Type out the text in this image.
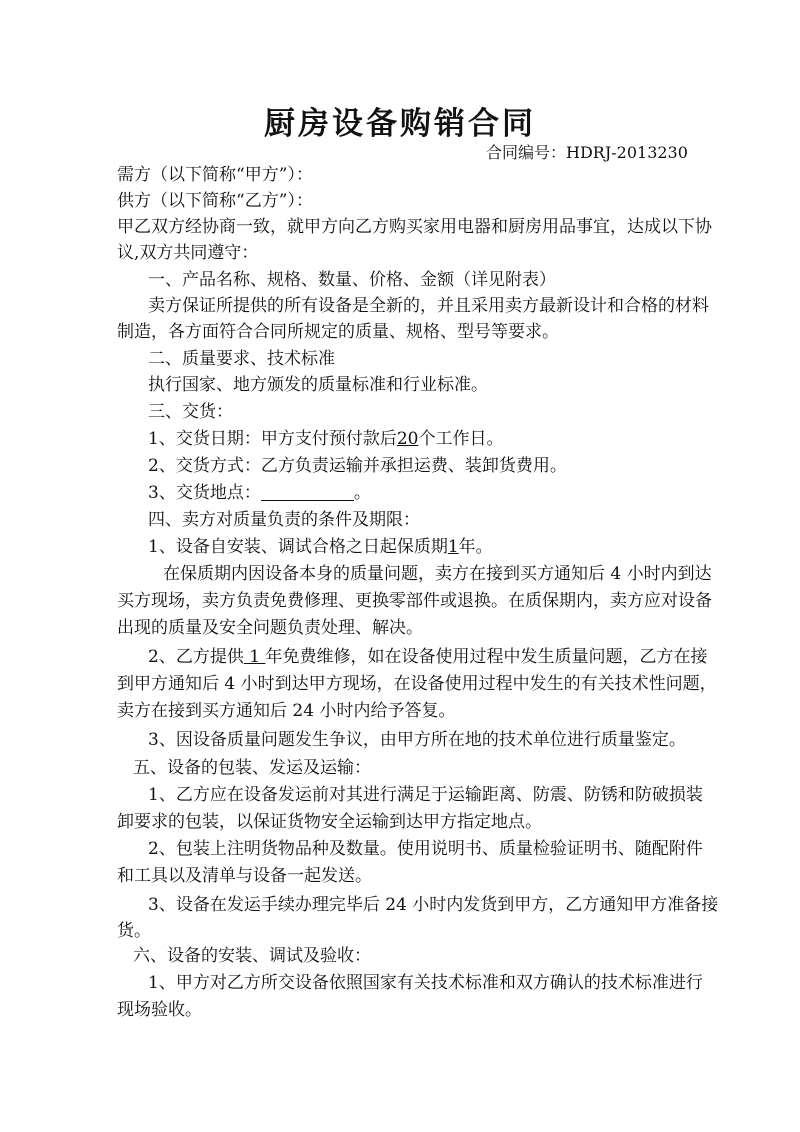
厨房设备购销合同
合同编号：HDRJ-2013230

需方（以下简称“甲方”）：

供方（以下简称“乙方”）：

甲乙双方经协商一致，就甲方向乙方购买家用电器和厨房用品事宜，达成以下协

议,双方共同遵守：

一、产品名称、规格、数量、价格、金额（详见附表）

卖方保证所提供的所有设备是全新的，并且采用卖方最新设计和合格的材料

制造，各方面符合合同所规定的质量、规格、型号等要求。

二、质量要求、技术标准

执行国家、地方颁发的质量标准和行业标准。

三、交货：

1、交货日期：甲方支付预付款后20个工作日。

2、交货方式：乙方负责运输并承担运费、装卸货费用。

3、交货地点：	。

四、卖方对质量负责的条件及期限：

1、设备自安装、调试合格之日起保质期1年。

在保质期内因设备本身的质量问题，卖方在接到买方通知后 4 小时内到达

买方现场，卖方负责免费修理、更换零部件或退换。在质保期内，卖方应对设备

出现的质量及安全问题负责处理、解决。

2、乙方提供 1 年免费维修，如在设备使用过程中发生质量问题，乙方在接

到甲方通知后 4 小时到达甲方现场，在设备使用过程中发生的有关技术性问题，

卖方在接到买方通知后 24 小时内给予答复。

3、因设备质量问题发生争议，由甲方所在地的技术单位进行质量鉴定。

五、设备的包装、发运及运输：

1、乙方应在设备发运前对其进行满足于运输距离、防震、防锈和防破损装

卸要求的包装，以保证货物安全运输到达甲方指定地点。

2、包装上注明货物品种及数量。使用说明书、质量检验证明书、随配附件

和工具以及清单与设备一起发送。

3、设备在发运手续办理完毕后 24 小时内发货到甲方，乙方通知甲方准备接

货。

六、设备的安装、调试及验收：

1、甲方对乙方所交设备依照国家有关技术标准和双方确认的技术标准进行

现场验收。
